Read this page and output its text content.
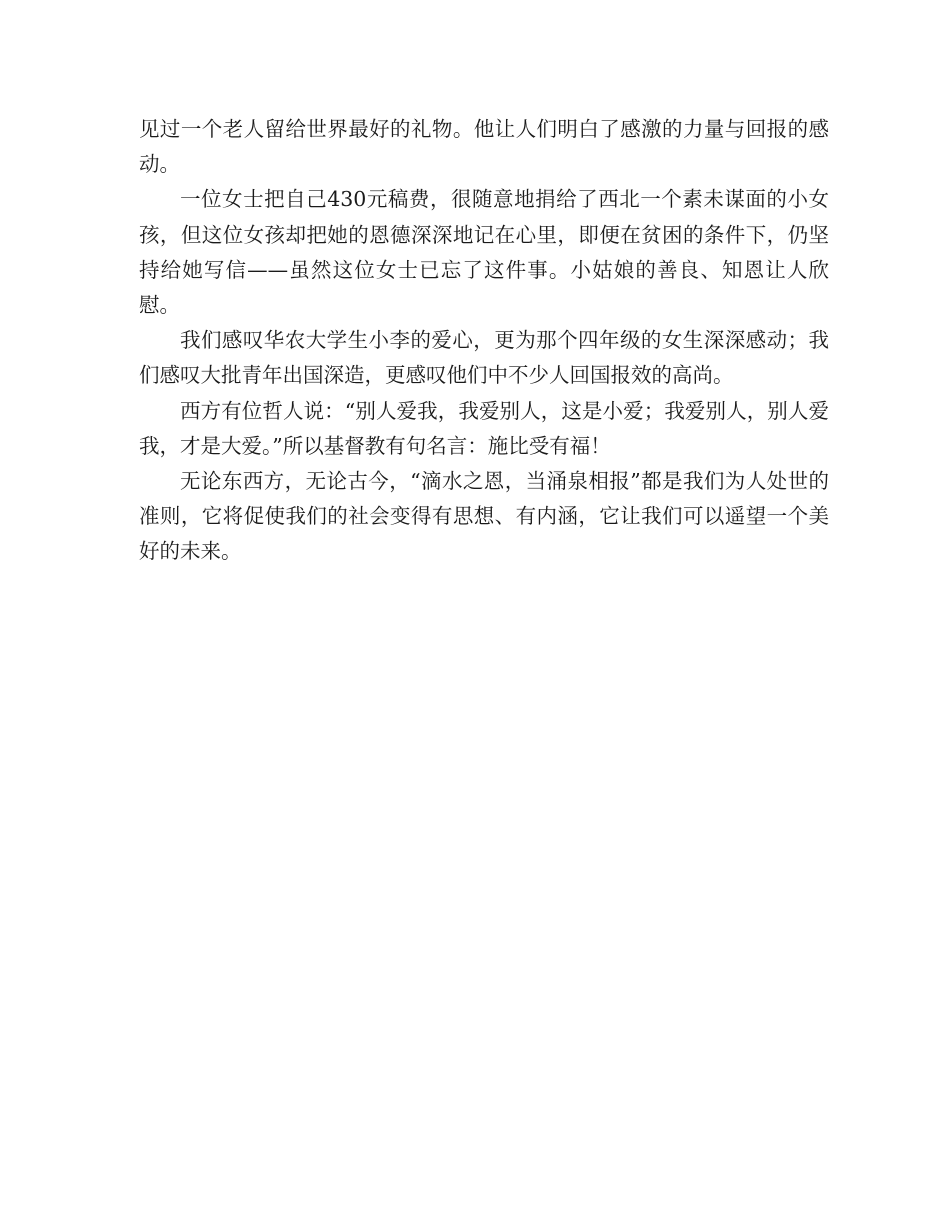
见过一个老人留给世界最好的礼物。他让人们明白了感激的力量与回报的感动。

一位女士把自己430元稿费，很随意地捐给了西北一个素未谋面的小女孩，但这位女孩却把她的恩德深深地记在心里，即便在贫困的条件下，仍坚持给她写信——虽然这位女士已忘了这件事。小姑娘的善良、知恩让人欣慰。

我们感叹华农大学生小李的爱心，更为那个四年级的女生深深感动；我们感叹大批青年出国深造，更感叹他们中不少人回国报效的高尚。

西方有位哲人说：“别人爱我，我爱别人，这是小爱；我爱别人，别人爱我，才是大爱。”所以基督教有句名言：施比受有福！

无论东西方，无论古今，“滴水之恩，当涌泉相报”都是我们为人处世的准则，它将促使我们的社会变得有思想、有内涵，它让我们可以遥望一个美好的未来。
